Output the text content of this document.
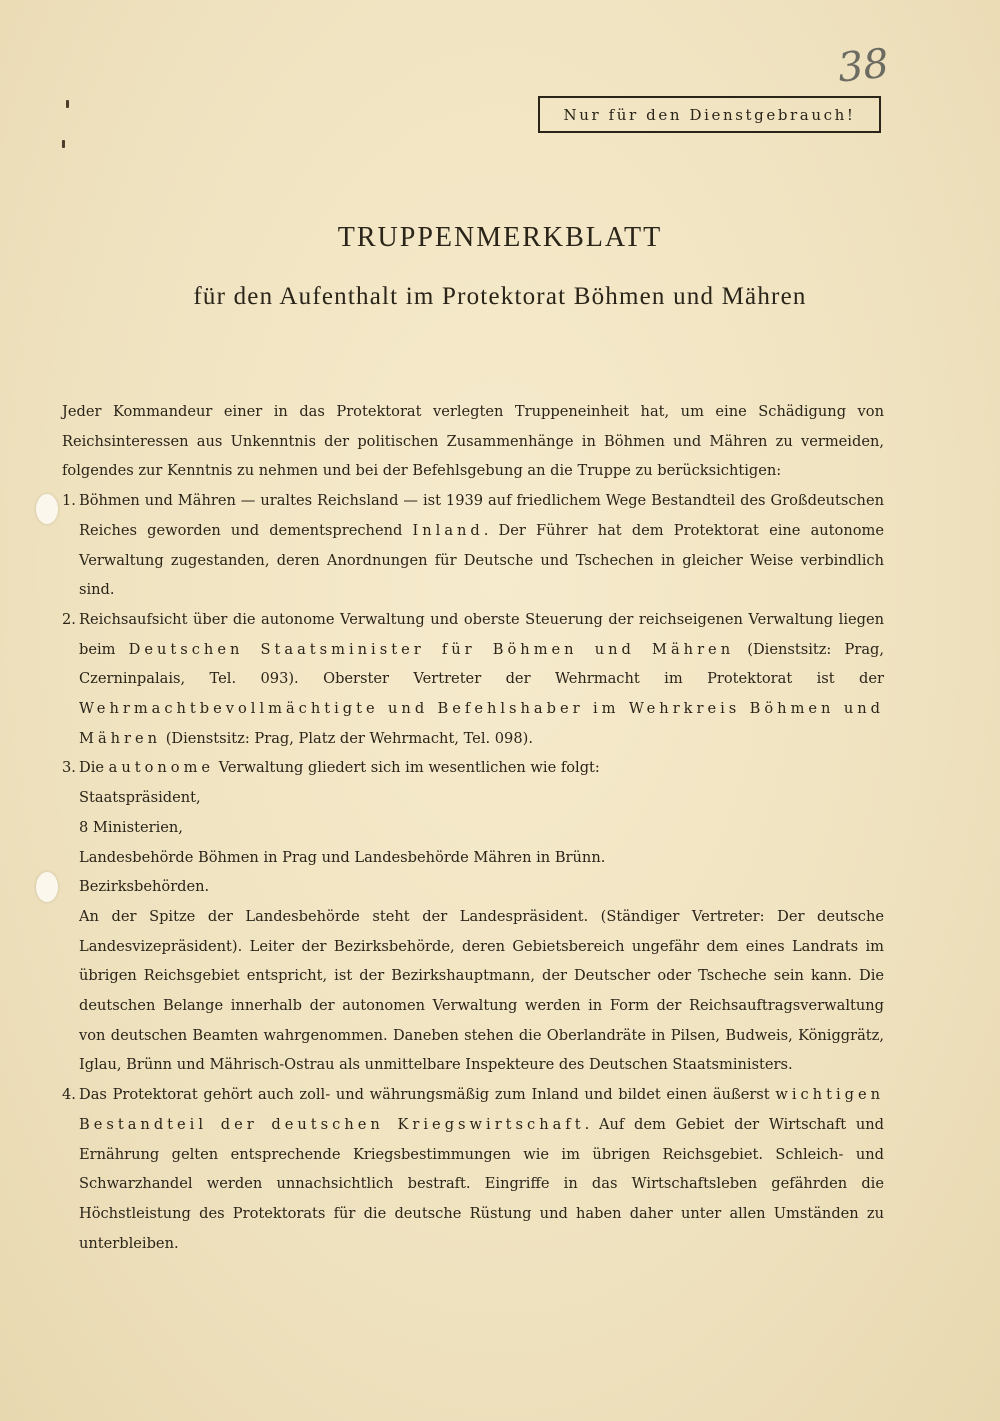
38
Nur für den Dienstgebrauch!
TRUPPENMERKBLATT
für den Aufenthalt im Protektorat Böhmen und Mähren

Jeder Kommandeur einer in das Protektorat verlegten Truppeneinheit hat, um eine Schädigung von Reichsinteressen aus Unkenntnis der politischen Zusammenhänge in Böhmen und Mähren zu vermeiden, folgendes zur Kenntnis zu nehmen und bei der Befehlsgebung an die Truppe zu berücksichtigen:

1. Böhmen und Mähren — uraltes Reichsland — ist 1939 auf friedlichem Wege Bestandteil des Großdeutschen Reiches geworden und dementsprechend Inland. Der Führer hat dem Protektorat eine autonome Verwaltung zugestanden, deren Anordnungen für Deutsche und Tschechen in gleicher Weise verbindlich sind.

2. Reichsaufsicht über die autonome Verwaltung und oberste Steuerung der reichseigenen Verwaltung liegen beim Deutschen Staatsminister für Böhmen und Mähren (Dienstsitz: Prag, Czerninpalais, Tel. 093). Oberster Vertreter der Wehrmacht im Protektorat ist der Wehrmachtbevollmächtigte und Befehlshaber im Wehrkreis Böhmen und Mähren (Dienstsitz: Prag, Platz der Wehrmacht, Tel. 098).

3. Die autonome Verwaltung gliedert sich im wesentlichen wie folgt:
Staatspräsident,
8 Ministerien,
Landesbehörde Böhmen in Prag und Landesbehörde Mähren in Brünn.
Bezirksbehörden.
An der Spitze der Landesbehörde steht der Landespräsident. (Ständiger Vertreter: Der deutsche Landesvizepräsident). Leiter der Bezirksbehörde, deren Gebietsbereich ungefähr dem eines Landrats im übrigen Reichsgebiet entspricht, ist der Bezirkshauptmann, der Deutscher oder Tscheche sein kann. Die deutschen Belange innerhalb der autonomen Verwaltung werden in Form der Reichsauftragsverwaltung von deutschen Beamten wahrgenommen. Daneben stehen die Oberlandräte in Pilsen, Budweis, Königgrätz, Iglau, Brünn und Mährisch-Ostrau als unmittelbare Inspekteure des Deutschen Staatsministers.

4. Das Protektorat gehört auch zoll- und währungsmäßig zum Inland und bildet einen äußerst wichtigen Bestandteil der deutschen Kriegswirtschaft. Auf dem Gebiet der Wirtschaft und Ernährung gelten entsprechende Kriegsbestimmungen wie im übrigen Reichsgebiet. Schleich- und Schwarzhandel werden unnachsichtlich bestraft. Eingriffe in das Wirtschaftsleben gefährden die Höchstleistung des Protektorats für die deutsche Rüstung und haben daher unter allen Umständen zu unterbleiben.
